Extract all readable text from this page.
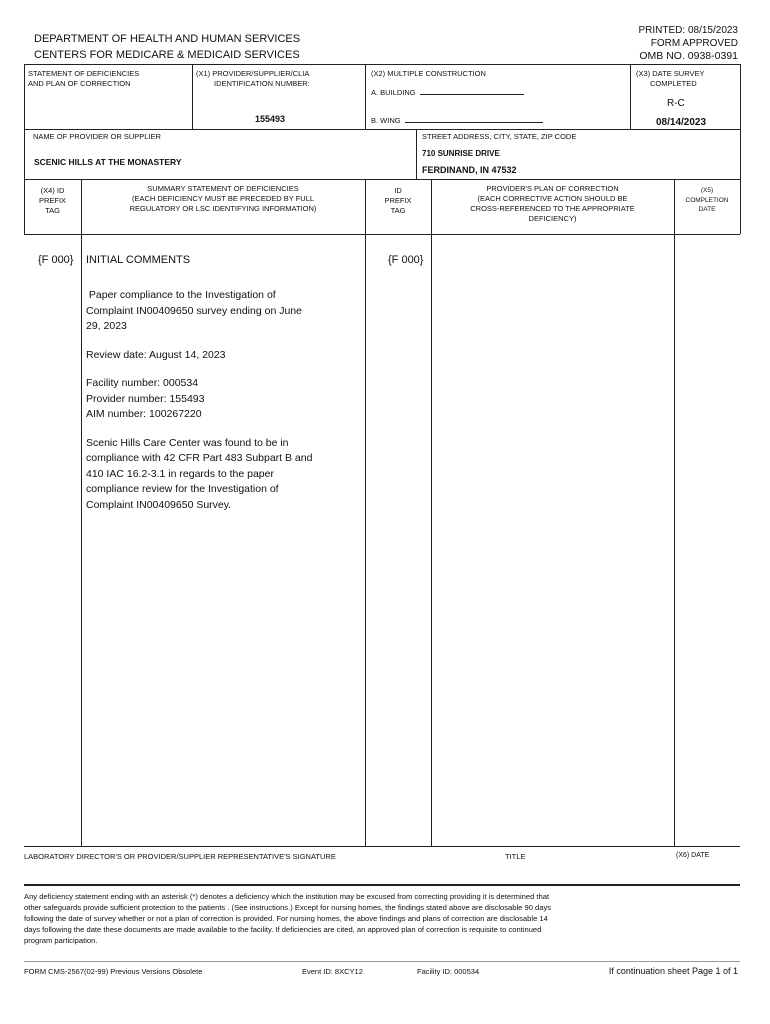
DEPARTMENT OF HEALTH AND HUMAN SERVICES
CENTERS FOR MEDICARE & MEDICAID SERVICES
PRINTED: 08/15/2023
FORM APPROVED
OMB NO. 0938-0391
STATEMENT OF DEFICIENCIES
AND PLAN OF CORRECTION
(X1) PROVIDER/SUPPLIER/CLIA
IDENTIFICATION NUMBER:
155493
(X2) MULTIPLE CONSTRUCTION
A. BUILDING
B. WING
(X3) DATE SURVEY
COMPLETED
R-C
08/14/2023
NAME OF PROVIDER OR SUPPLIER
SCENIC HILLS AT THE MONASTERY
STREET ADDRESS, CITY, STATE, ZIP CODE
710 SUNRISE DRIVE
FERDINAND, IN 47532
(X4) ID
PREFIX
TAG
SUMMARY STATEMENT OF DEFICIENCIES
(EACH DEFICIENCY MUST BE PRECEDED BY FULL
REGULATORY OR LSC IDENTIFYING INFORMATION)
ID
PREFIX
TAG
PROVIDER'S PLAN OF CORRECTION
(EACH CORRECTIVE ACTION SHOULD BE
CROSS-REFERENCED TO THE APPROPRIATE
DEFICIENCY)
(X5)
COMPLETION
DATE
{F 000} INITIAL COMMENTS	{F 000}
Paper compliance to the Investigation of
Complaint IN00409650 survey ending on June
29, 2023
Review date: August 14, 2023
Facility number: 000534
Provider number: 155493
AIM number: 100267220
Scenic Hills Care Center was found to be in
compliance with 42 CFR Part 483 Subpart B and
410 IAC 16.2-3.1 in regards to the paper
compliance review for the Investigation of
Complaint IN00409650 Survey.
LABORATORY DIRECTOR'S OR PROVIDER/SUPPLIER REPRESENTATIVE'S SIGNATURE	TITLE	(X6) DATE
Any deficiency statement ending with an asterisk (*) denotes a deficiency which the institution may be excused from correcting providing it is determined that
other safeguards provide sufficient protection to the patients . (See instructions.) Except for nursing homes, the findings stated above are disclosable 90 days
following the date of survey whether or not a plan of correction is provided. For nursing homes, the above findings and plans of correction are disclosable 14
days following the date these documents are made available to the facility. If deficiencies are cited, an approved plan of correction is requisite to continued
program participation.
FORM CMS-2567(02-99) Previous Versions Obsolete	Event ID: 8XCY12	Facility ID: 000534	If continuation sheet Page 1 of 1
